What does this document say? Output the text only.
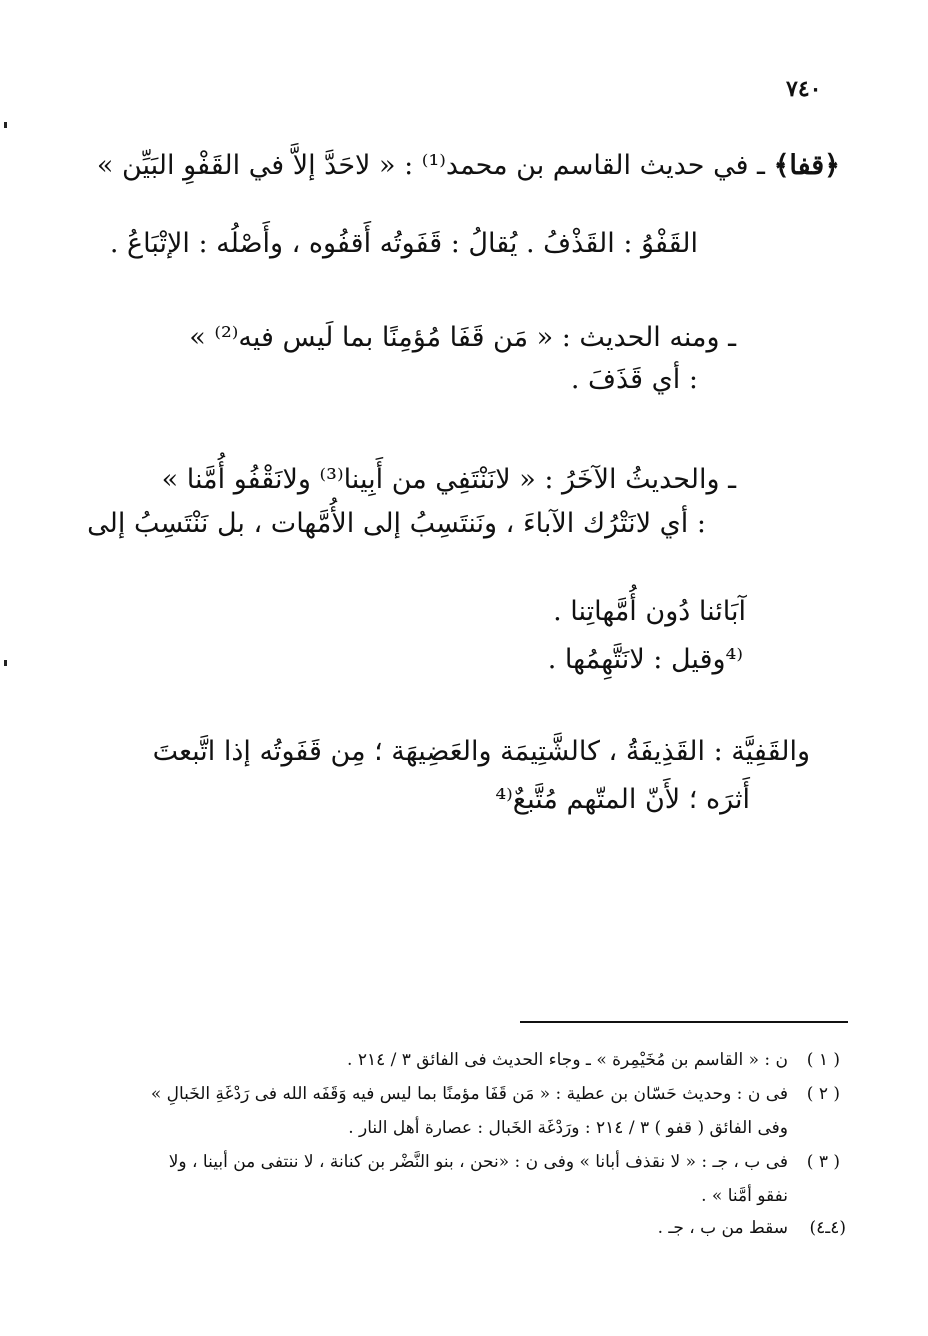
٧٤٠
﴿قفا﴾ ـ في حديث القاسم بن محمد⁽¹⁾ : « لاحَدَّ إلاَّ في القَفْوِ البَيِّن »
القَفْوُ : القَذْفُ . يُقالُ : قَفَوتُه أَقفُوه ، وأَصْلُه : الإتْبَاعُ .
ـ ومنه الحديث : « مَن قَفَا مُؤمِنًا بما لَيس فيه⁽²⁾ »
: أي قَذَفَ .
ـ والحديثُ الآخَرُ : « لانَنْتَفِي من أَبِينا⁽³⁾ ولانَقْفُو أُمَّنا »
: أي لانَتْرُك الآباءَ ، ونَنتَسِبُ إلى الأُمَّهات ، بل نَنْتَسِبُ إلى
آبَائنا دُون أُمَّهاتِنا .
⁽⁴وقيل : لانَتَّهِمُها .
والقَفِيَّة : القَذِيفَةُ ، كالشَّتِيمَة والعَضِيهَة ؛ مِن قَفَوتُه إذا اتَّبعتَ
أَثرَه ؛ لأَنّ المتّهم مُتَّبعٌ⁽⁴
( ١ )
ن : « القاسم بن مُخَيْمِرة » ـ وجاء الحديث فى الفائق ٣ / ٢١٤ .
( ٢ )
فى ن : وحديث حَسّان بن عطية : « مَن قَفَا مؤمنًا بما ليس فيه وَقَفَه الله فى رَدْغَةِ الخَبالِ »
وفى الفائق ( قفو ) ٣ / ٢١٤ : ورَدْغَة الخَبال : عصارة أهل النار .
( ٣ )
فى ب ، جـ : « لا نقذف أبانا » وفى ن : «نحن ، بنو النَّضْر بن كنانة ، لا ننتفى من أبينا ، ولا
نفقو أمَّنا » .
(٤ـ٤)
سقط من ب ، جـ .
